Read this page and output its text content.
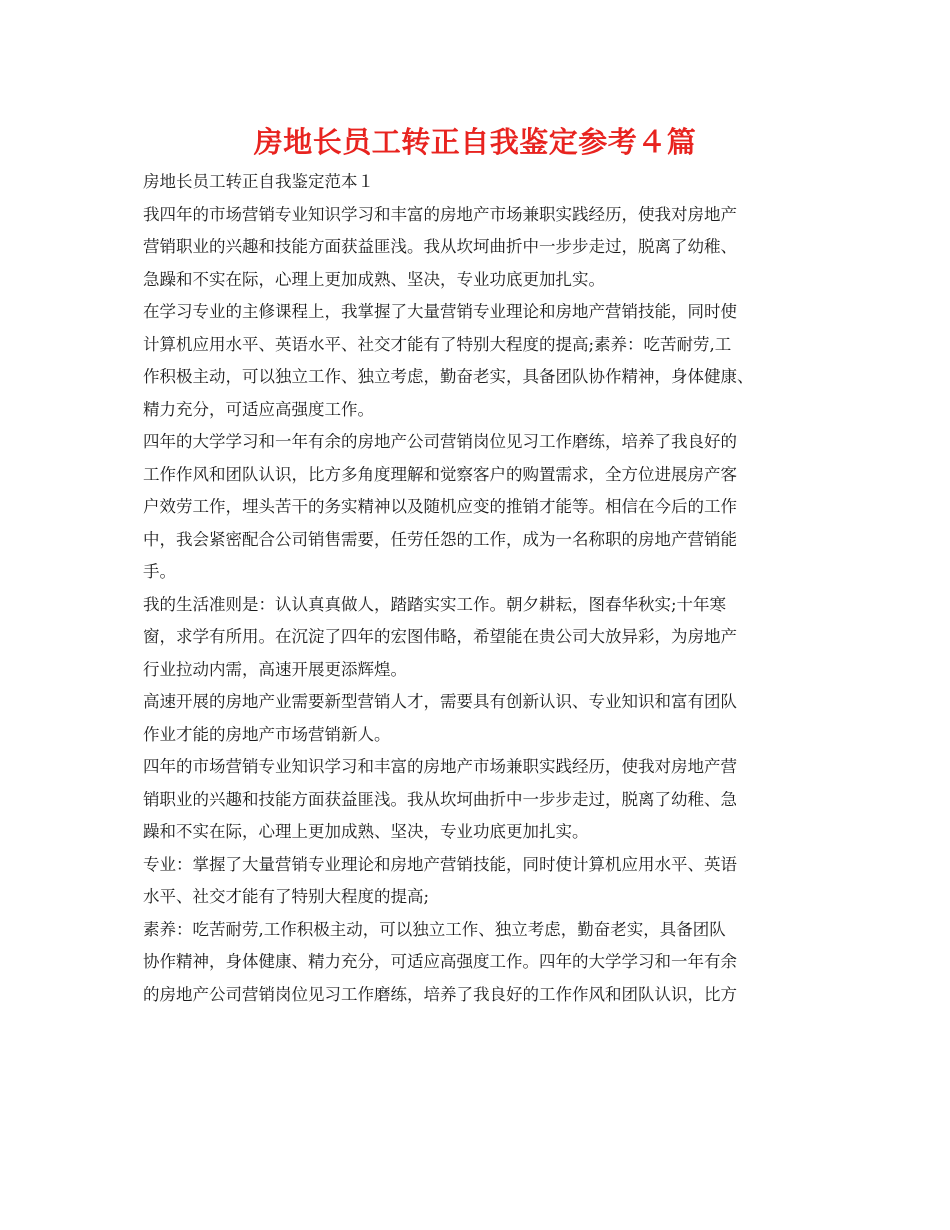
房地长员工转正自我鉴定参考４篇
房地长员工转正自我鉴定范本１
我四年的市场营销专业知识学习和丰富的房地产市场兼职实践经历，使我对房地产
营销职业的兴趣和技能方面获益匪浅。我从坎坷曲折中一步步走过，脱离了幼稚、
急躁和不实在际，心理上更加成熟、坚决，专业功底更加扎实。
在学习专业的主修课程上，我掌握了大量营销专业理论和房地产营销技能，同时使
计算机应用水平、英语水平、社交才能有了特别大程度的提高;素养：吃苦耐劳,工
作积极主动，可以独立工作、独立考虑，勤奋老实，具备团队协作精神，身体健康、
精力充分，可适应高强度工作。
四年的大学学习和一年有余的房地产公司营销岗位见习工作磨练，培养了我良好的
工作作风和团队认识，比方多角度理解和觉察客户的购置需求，全方位进展房产客
户效劳工作，埋头苦干的务实精神以及随机应变的推销才能等。相信在今后的工作
中，我会紧密配合公司销售需要，任劳任怨的工作，成为一名称职的房地产营销能
手。
我的生活准则是：认认真真做人，踏踏实实工作。朝夕耕耘，图春华秋实;十年寒
窗，求学有所用。在沉淀了四年的宏图伟略，希望能在贵公司大放异彩，为房地产
行业拉动内需，高速开展更添辉煌。
高速开展的房地产业需要新型营销人才，需要具有创新认识、专业知识和富有团队
作业才能的房地产市场营销新人。
四年的市场营销专业知识学习和丰富的房地产市场兼职实践经历，使我对房地产营
销职业的兴趣和技能方面获益匪浅。我从坎坷曲折中一步步走过，脱离了幼稚、急
躁和不实在际，心理上更加成熟、坚决，专业功底更加扎实。
专业：掌握了大量营销专业理论和房地产营销技能，同时使计算机应用水平、英语
水平、社交才能有了特别大程度的提高;
素养：吃苦耐劳,工作积极主动，可以独立工作、独立考虑，勤奋老实，具备团队
协作精神，身体健康、精力充分，可适应高强度工作。四年的大学学习和一年有余
的房地产公司营销岗位见习工作磨练，培养了我良好的工作作风和团队认识，比方
